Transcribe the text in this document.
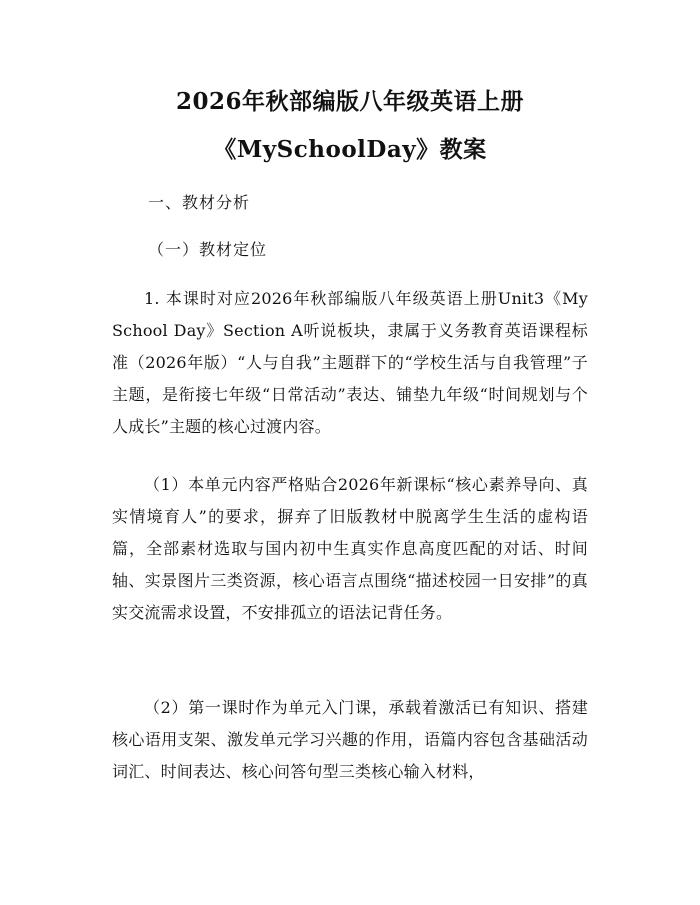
2026年秋部编版八年级英语上册
《MySchoolDay》教案
一、教材分析
（一）教材定位
1. 本课时对应2026年秋部编版八年级英语上册Unit3《My School Day》Section A听说板块，隶属于义务教育英语课程标准（2026年版）“人与自我”主题群下的“学校生活与自我管理”子主题，是衔接七年级“日常活动”表达、铺垫九年级“时间规划与个人成长”主题的核心过渡内容。
（1）本单元内容严格贴合2026年新课标“核心素养导向、真实情境育人”的要求，摒弃了旧版教材中脱离学生生活的虚构语篇，全部素材选取与国内初中生真实作息高度匹配的对话、时间轴、实景图片三类资源，核心语言点围绕“描述校园一日安排”的真实交流需求设置，不安排孤立的语法记背任务。
（2）第一课时作为单元入门课，承载着激活已有知识、搭建核心语用支架、激发单元学习兴趣的作用，语篇内容包含基础活动词汇、时间表达、核心问答句型三类核心输入材料，
